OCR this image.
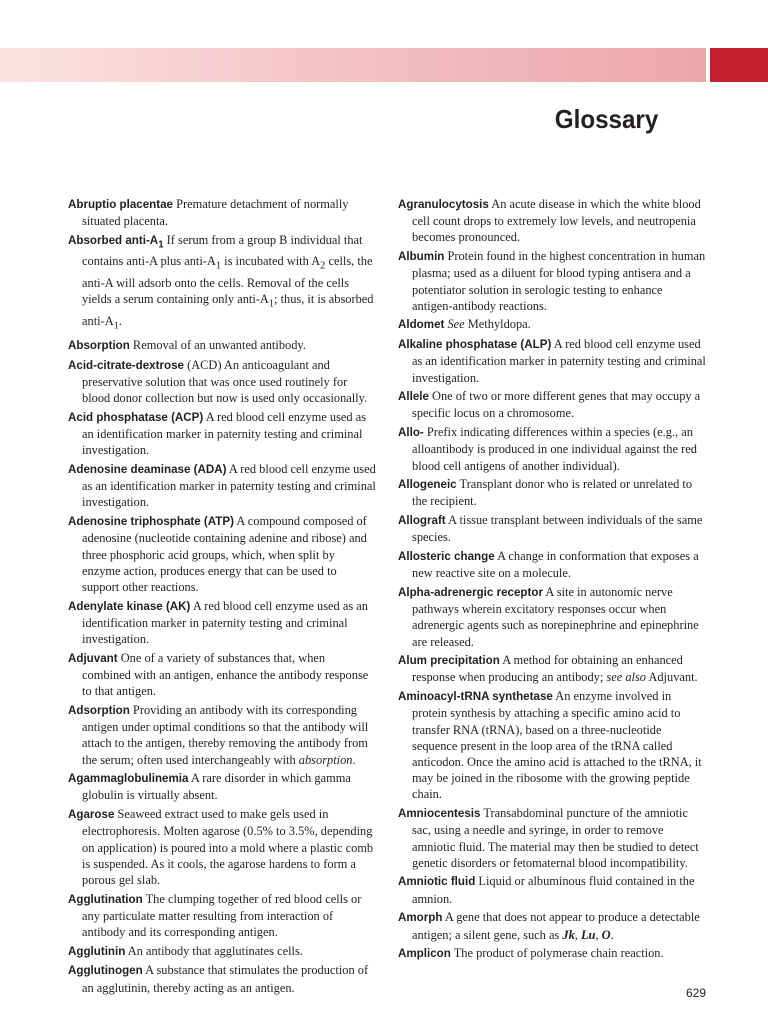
Glossary

Abruptio placentae Premature detachment of normally situated placenta.

Absorbed anti-$A_1$ If serum from a group B individual that contains anti-A plus anti-$A_1$ is incubated with $A_2$ cells, the anti-A will adsorb onto the cells. Removal of the cells yields a serum containing only anti-$A_1$; thus, it is absorbed anti-$A_1$.

Absorption Removal of an unwanted antibody.

Acid-citrate-dextrose (ACD) An anticoagulant and preservative solution that was once used routinely for blood donor collection but now is used only occasionally.

Acid phosphatase (ACP) A red blood cell enzyme used as an identification marker in paternity testing and criminal investigation.

Adenosine deaminase (ADA) A red blood cell enzyme used as an identification marker in paternity testing and criminal investigation.

Adenosine triphosphate (ATP) A compound composed of adenosine (nucleotide containing adenine and ribose) and three phosphoric acid groups, which, when split by enzyme action, produces energy that can be used to support other reactions.

Adenylate kinase (AK) A red blood cell enzyme used as an identification marker in paternity testing and criminal investigation.

Adjuvant One of a variety of substances that, when combined with an antigen, enhance the antibody response to that antigen.

Adsorption Providing an antibody with its corresponding antigen under optimal conditions so that the antibody will attach to the antigen, thereby removing the antibody from the serum; often used interchangeably with absorption.

Agammaglobulinemia A rare disorder in which gamma globulin is virtually absent.

Agarose Seaweed extract used to make gels used in electrophoresis. Molten agarose (0.5% to 3.5%, depending on application) is poured into a mold where a plastic comb is suspended. As it cools, the agarose hardens to form a porous gel slab.

Agglutination The clumping together of red blood cells or any particulate matter resulting from interaction of antibody and its corresponding antigen.

Agglutinin An antibody that agglutinates cells.

Agglutinogen A substance that stimulates the production of an agglutinin, thereby acting as an antigen.

Agranulocytosis An acute disease in which the white blood cell count drops to extremely low levels, and neutropenia becomes pronounced.

Albumin Protein found in the highest concentration in human plasma; used as a diluent for blood typing antisera and a potentiator solution in serologic testing to enhance antigen-antibody reactions.

Aldomet See Methyldopa.

Alkaline phosphatase (ALP) A red blood cell enzyme used as an identification marker in paternity testing and criminal investigation.

Allele One of two or more different genes that may occupy a specific locus on a chromosome.

Allo- Prefix indicating differences within a species (e.g., an alloantibody is produced in one individual against the red blood cell antigens of another individual).

Allogeneic Transplant donor who is related or unrelated to the recipient.

Allograft A tissue transplant between individuals of the same species.

Allosteric change A change in conformation that exposes a new reactive site on a molecule.

Alpha-adrenergic receptor A site in autonomic nerve pathways wherein excitatory responses occur when adrenergic agents such as norepinephrine and epinephrine are released.

Alum precipitation A method for obtaining an enhanced response when producing an antibody; see also Adjuvant.

Aminoacyl-tRNA synthetase An enzyme involved in protein synthesis by attaching a specific amino acid to transfer RNA (tRNA), based on a three-nucleotide sequence present in the loop area of the tRNA called anticodon. Once the amino acid is attached to the tRNA, it may be joined in the ribosome with the growing peptide chain.

Amniocentesis Transabdominal puncture of the amniotic sac, using a needle and syringe, in order to remove amniotic fluid. The material may then be studied to detect genetic disorders or fetomaternal blood incompatibility.

Amniotic fluid Liquid or albuminous fluid contained in the amnion.

Amorph A gene that does not appear to produce a detectable antigen; a silent gene, such as Jk, Lu, O.

Amplicon The product of polymerase chain reaction.

629
